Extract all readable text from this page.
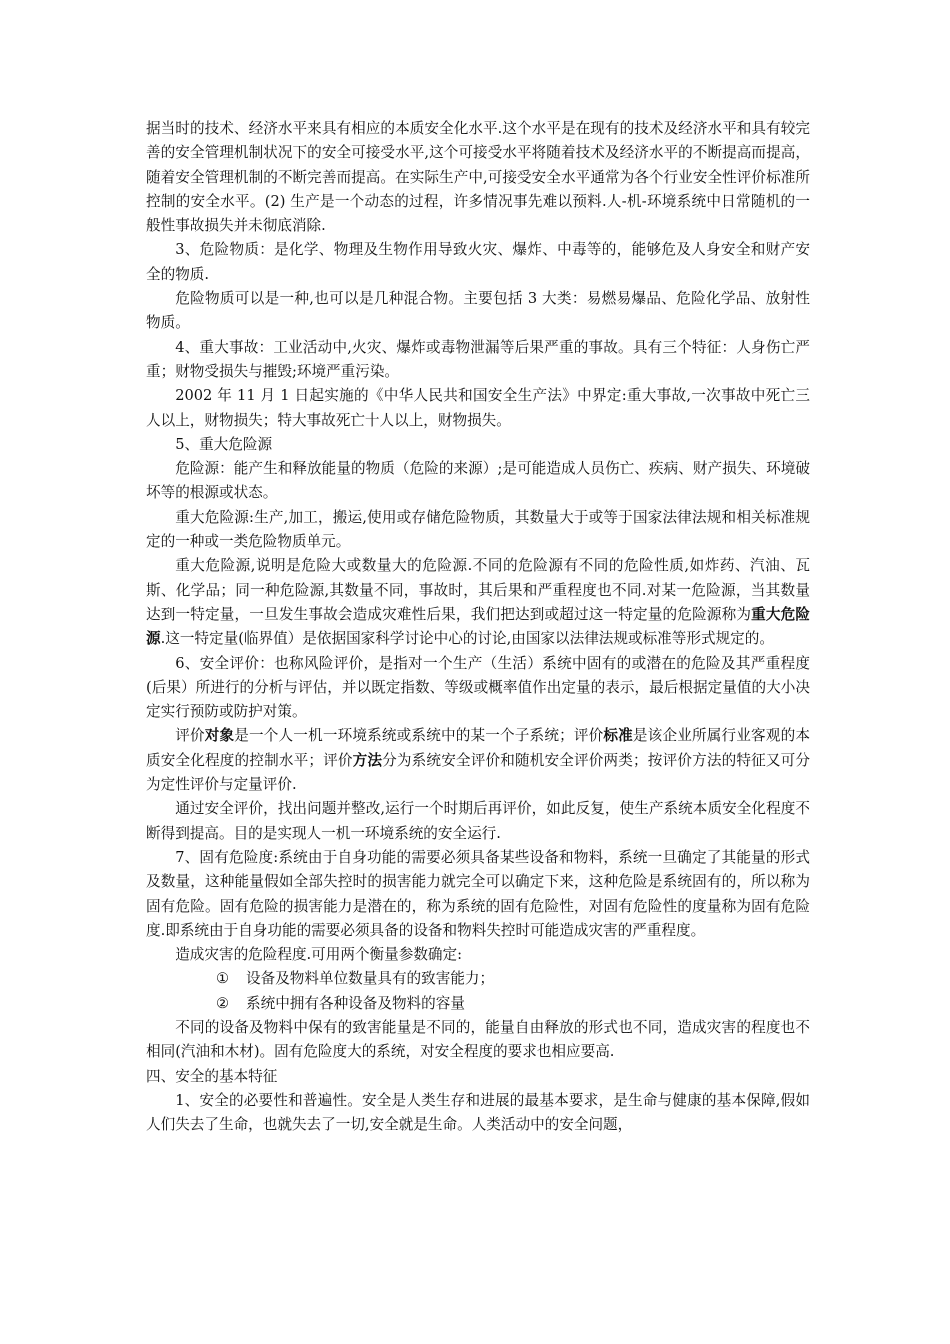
据当时的技术、经济水平来具有相应的本质安全化水平.这个水平是在现有的技术及经济水平和具有较完善的安全管理机制状况下的安全可接受水平,这个可接受水平将随着技术及经济水平的不断提高而提高，随着安全管理机制的不断完善而提高。在实际生产中,可接受安全水平通常为各个行业安全性评价标准所控制的安全水平。(2) 生产是一个动态的过程，许多情况事先难以预料.人-机-环境系统中日常随机的一般性事故损失并未彻底消除.

3、危险物质：是化学、物理及生物作用导致火灾、爆炸、中毒等的，能够危及人身安全和财产安全的物质.

危险物质可以是一种,也可以是几种混合物。主要包括 3 大类：易燃易爆品、危险化学品、放射性物质。

4、重大事故：工业活动中,火灾、爆炸或毒物泄漏等后果严重的事故。具有三个特征：人身伤亡严重；财物受损失与摧毁;环境严重污染。

2002 年 11 月 1 日起实施的《中华人民共和国安全生产法》中界定:重大事故,一次事故中死亡三人以上，财物损失；特大事故死亡十人以上，财物损失。

5、重大危险源

危险源：能产生和释放能量的物质（危险的来源）;是可能造成人员伤亡、疾病、财产损失、环境破坏等的根源或状态。

重大危险源:生产,加工，搬运,使用或存储危险物质，其数量大于或等于国家法律法规和相关标准规定的一种或一类危险物质单元。

重大危险源,说明是危险大或数量大的危险源.不同的危险源有不同的危险性质,如炸药、汽油、瓦斯、化学品；同一种危险源,其数量不同，事故时，其后果和严重程度也不同.对某一危险源，当其数量达到一特定量，一旦发生事故会造成灾难性后果，我们把达到或超过这一特定量的危险源称为重大危险源.这一特定量(临界值）是依据国家科学讨论中心的讨论,由国家以法律法规或标准等形式规定的。

6、安全评价：也称风险评价，是指对一个生产（生活）系统中固有的或潜在的危险及其严重程度(后果）所进行的分析与评估，并以既定指数、等级或概率值作出定量的表示，最后根据定量值的大小决定实行预防或防护对策。

评价对象是一个人一机一环境系统或系统中的某一个子系统；评价标准是该企业所属行业客观的本质安全化程度的控制水平；评价方法分为系统安全评价和随机安全评价两类；按评价方法的特征又可分为定性评价与定量评价.

通过安全评价，找出问题并整改,运行一个时期后再评价，如此反复，使生产系统本质安全化程度不断得到提高。目的是实现人一机一环境系统的安全运行.

7、固有危险度:系统由于自身功能的需要必须具备某些设备和物料，系统一旦确定了其能量的形式及数量，这种能量假如全部失控时的损害能力就完全可以确定下来，这种危险是系统固有的，所以称为固有危险。固有危险的损害能力是潜在的，称为系统的固有危险性，对固有危险性的度量称为固有危险度.即系统由于自身功能的需要必须具备的设备和物料失控时可能造成灾害的严重程度。

造成灾害的危险程度.可用两个衡量参数确定:

① 设备及物料单位数量具有的致害能力；

② 系统中拥有各种设备及物料的容量

不同的设备及物料中保有的致害能量是不同的，能量自由释放的形式也不同，造成灾害的程度也不相同(汽油和木材)。固有危险度大的系统，对安全程度的要求也相应要高.

四、安全的基本特征

1、安全的必要性和普遍性。安全是人类生存和进展的最基本要求，是生命与健康的基本保障,假如人们失去了生命，也就失去了一切,安全就是生命。人类活动中的安全问题，
